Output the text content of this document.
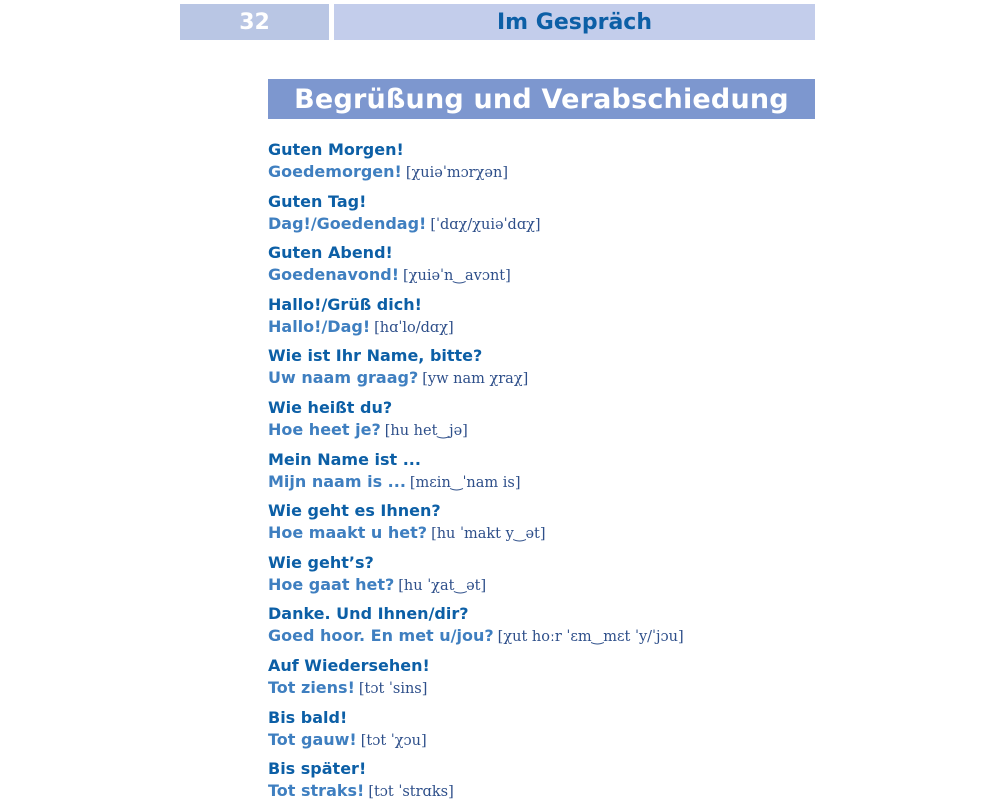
32	Im Gespräch
Begrüßung und Verabschiedung
Guten Morgen!
Goedemorgen! [χuiəˈmɔrχən]
Guten Tag!
Dag!/Goedendag! [ˈdɑχ/χuiəˈdɑχ]
Guten Abend!
Goedenavond! [χuiəˈn‿avɔnt]
Hallo!/Grüß dich!
Hallo!/Dag! [hɑˈlo/dɑχ]
Wie ist Ihr Name, bitte?
Uw naam graag? [yw nam χraχ]
Wie heißt du?
Hoe heet je? [hu het‿jə]
Mein Name ist ...
Mijn naam is ... [mɛin‿ˈnam is]
Wie geht es Ihnen?
Hoe maakt u het? [hu ˈmakt y‿ət]
Wie geht’s?
Hoe gaat het? [hu ˈχat‿ət]
Danke. Und Ihnen/dir?
Goed hoor. En met u/jou? [χut hoːr ˈɛm‿mɛt ˈy/ˈjɔu]
Auf Wiedersehen!
Tot ziens! [tɔt ˈsins]
Bis bald!
Tot gauw! [tɔt ˈχɔu]
Bis später!
Tot straks! [tɔt ˈstrɑks]
